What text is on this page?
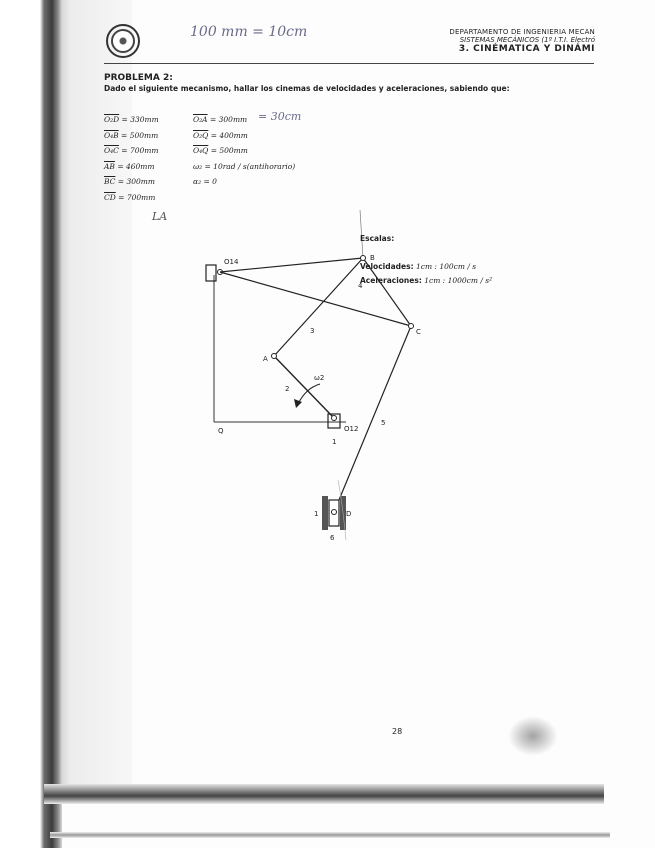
100 mm = 10cm	DEPARTAMENTO DE INGENIERIA MECÁN
SISTEMAS MECÁNICOS (1º I.T.I. Electró
3. CINÉMATICA Y DINÁMI
PROBLEMA 2:
Dado el siguiente mecanismo, hallar los cinemas de velocidades y aceleraciones, sabiendo que:
O₂D = 330mm
O₄B = 500mm
O₄C = 700mm
$\overline{AB} = 460mm$
$\overline{BC} = 300mm$
$\overline{CD} = 700mm$
O₂A = 300mm
O₂Q = 400mm
O₄Q = 500mm
ω₂ = 10rad / s(antihorario)
α₂ = 0
= 30cm
LA
O14	B
C
A
Q	O12
D
2
3
4
5
6
1
1
ω2
Escalas:
Velocidades: 1cm : 100cm / s
Aceleraciones: 1cm : 1000cm / s²
28
